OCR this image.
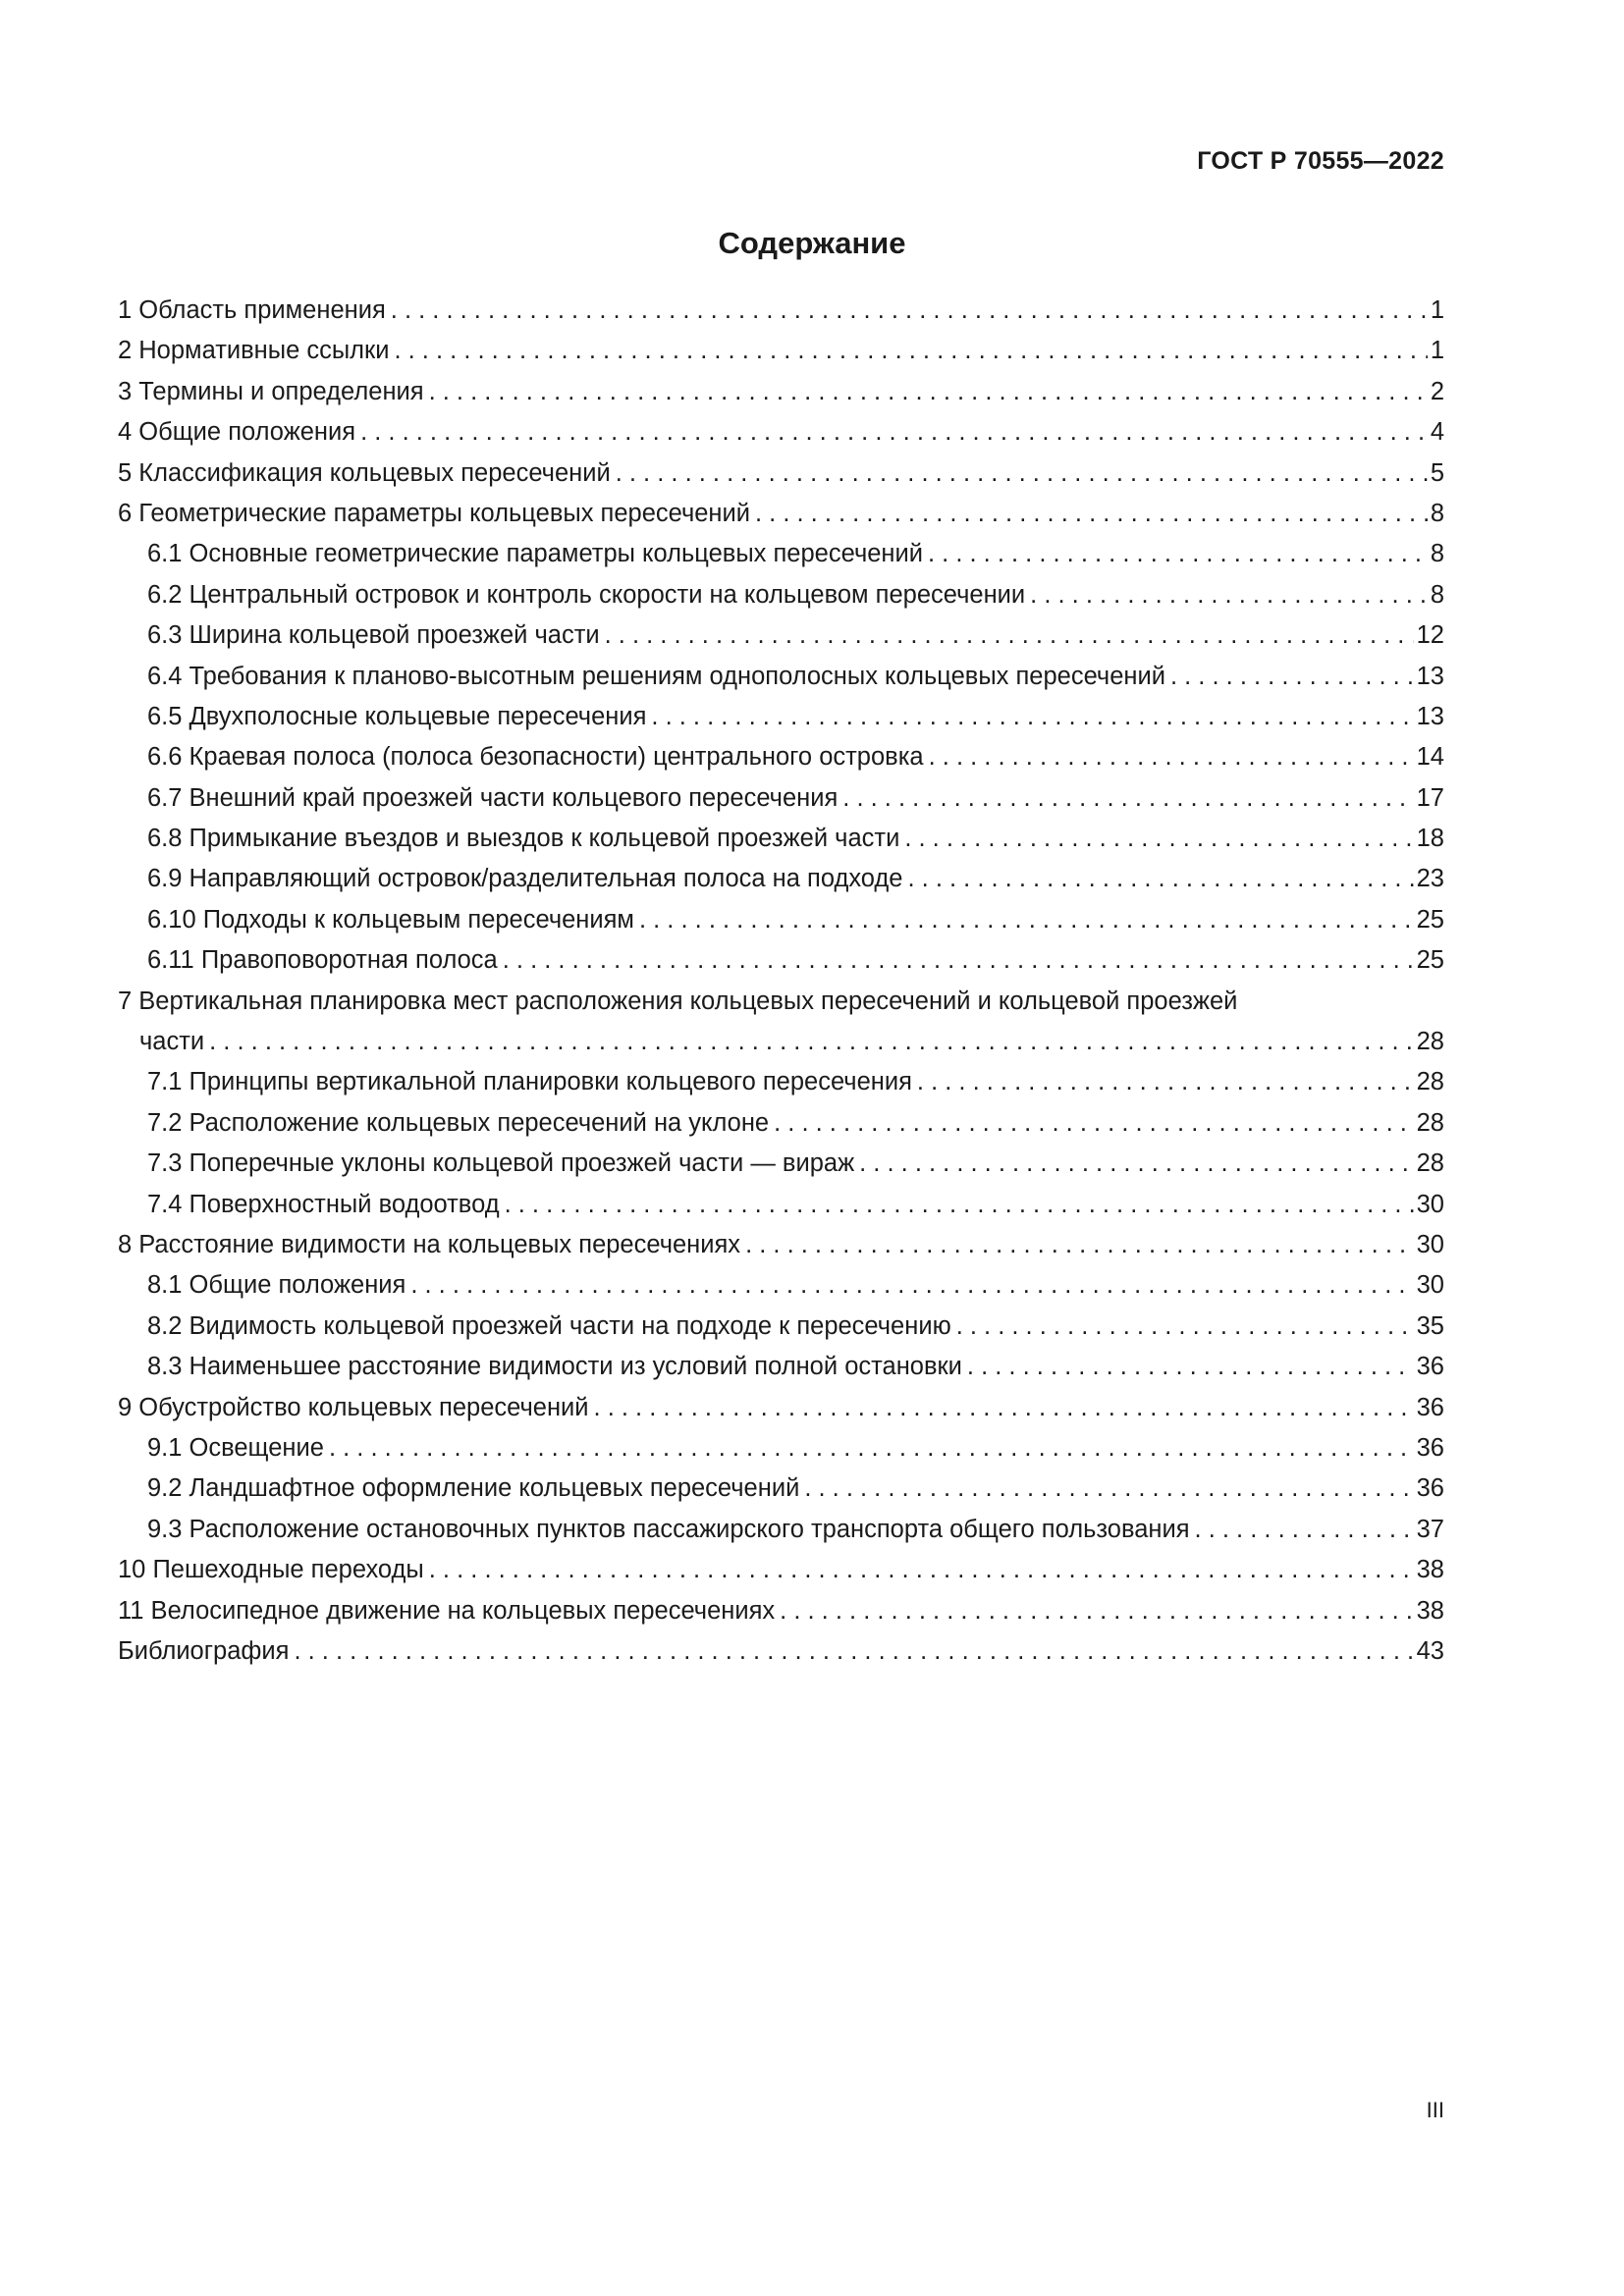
ГОСТ Р 70555—2022
Содержание
1 Область применения . . .	1
2 Нормативные ссылки . . .	1
3 Термины и определения . . .	2
4 Общие положения . . .	4
5 Классификация кольцевых пересечений . . .	5
6 Геометрические параметры кольцевых пересечений . . .	8
6.1 Основные геометрические параметры кольцевых пересечений . . .	8
6.2 Центральный островок и контроль скорости на кольцевом пересечении . . .	8
6.3 Ширина кольцевой проезжей части . . .	12
6.4 Требования к планово-высотным решениям однополосных кольцевых пересечений . . .	13
6.5 Двухполосные кольцевые пересечения . . .	13
6.6 Краевая полоса (полоса безопасности) центрального островка . . .	14
6.7 Внешний край проезжей части кольцевого пересечения . . .	17
6.8 Примыкание въездов и выездов к кольцевой проезжей части . . .	18
6.9 Направляющий островок/разделительная полоса на подходе . . .	23
6.10 Подходы к кольцевым пересечениям . . .	25
6.11 Правоповоротная полоса . . .	25
7 Вертикальная планировка мест расположения кольцевых пересечений и кольцевой проезжей
части . . .	28
7.1 Принципы вертикальной планировки кольцевого пересечения . . .	28
7.2 Расположение кольцевых пересечений на уклоне . . .	28
7.3 Поперечные уклоны кольцевой проезжей части — вираж . . .	28
7.4 Поверхностный водоотвод . . .	30
8 Расстояние видимости на кольцевых пересечениях . . .	30
8.1 Общие положения . . .	30
8.2 Видимость кольцевой проезжей части на подходе к пересечению . . .	35
8.3 Наименьшее расстояние видимости из условий полной остановки . . .	36
9 Обустройство кольцевых пересечений . . .	36
9.1 Освещение . . .	36
9.2 Ландшафтное оформление кольцевых пересечений . . .	36
9.3 Расположение остановочных пунктов пассажирского транспорта общего пользования . . .	37
10 Пешеходные переходы . . .	38
11 Велосипедное движение на кольцевых пересечениях . . .	38
Библиография . . .	43
III
